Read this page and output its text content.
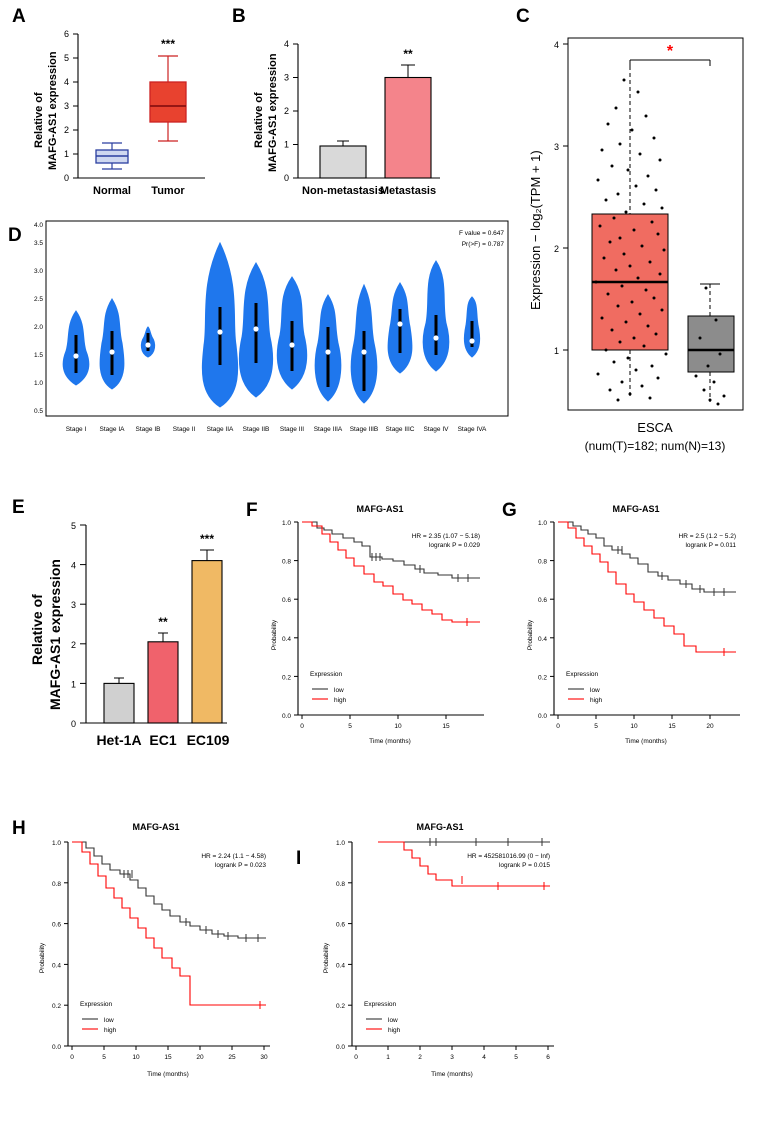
A
0
1
2
3
4
5
6
Relative of MAFG-AS1 expression
***
Normal Tumor
B
0
1
2
3
4
Relative of MAFG-AS1 expression	**
Non-metastasis
Metastasis
C
1
2
3
4
Expression − log₂(TPM + 1)
*
ESCA
(num(T)=182; num(N)=13)
D
0.5
1.0
1.5
2.0
2.5
3.0
3.5
4.0
F value = 0.647
Pr(>F) = 0.787
Stage I Stage IA Stage IB Stage II Stage IIA Stage IIB Stage III Stage IIIA Stage IIIB Stage IIIC Stage IV Stage IVA
E
0
1
2
3
4
5
Relative of MAFG-AS1 expression	**
***
Het-1A EC1 EC109
F	MAFG-AS1
0.0
0.2
0.4
0.6
0.8
1.0
0	5	10	15
Time (months)
Probability
HR = 2.35 (1.07 − 5.18)
logrank P = 0.029
Expression
low
high
G	MAFG-AS1
0.0
0.2
0.4
0.6
0.8
1.0
0	5	10	15	20
Time (months)
Probability
HR = 2.5 (1.2 − 5.2)
logrank P = 0.011
Expression
low
high
H	MAFG-AS1
0.0
0.2
0.4
0.6
0.8
1.0
0	5	10	15	20	25	30
Time (months)
Probability
HR = 2.24 (1.1 − 4.58)
logrank P = 0.023
Expression
low
high
I
MAFG-AS1
0.0
0.2
0.4
0.6
0.8
1.0
0	1	2	3	4	5	6
Time (months)
Probability
HR = 452581016.99 (0 − Inf)
logrank P = 0.015
Expression
low
high
